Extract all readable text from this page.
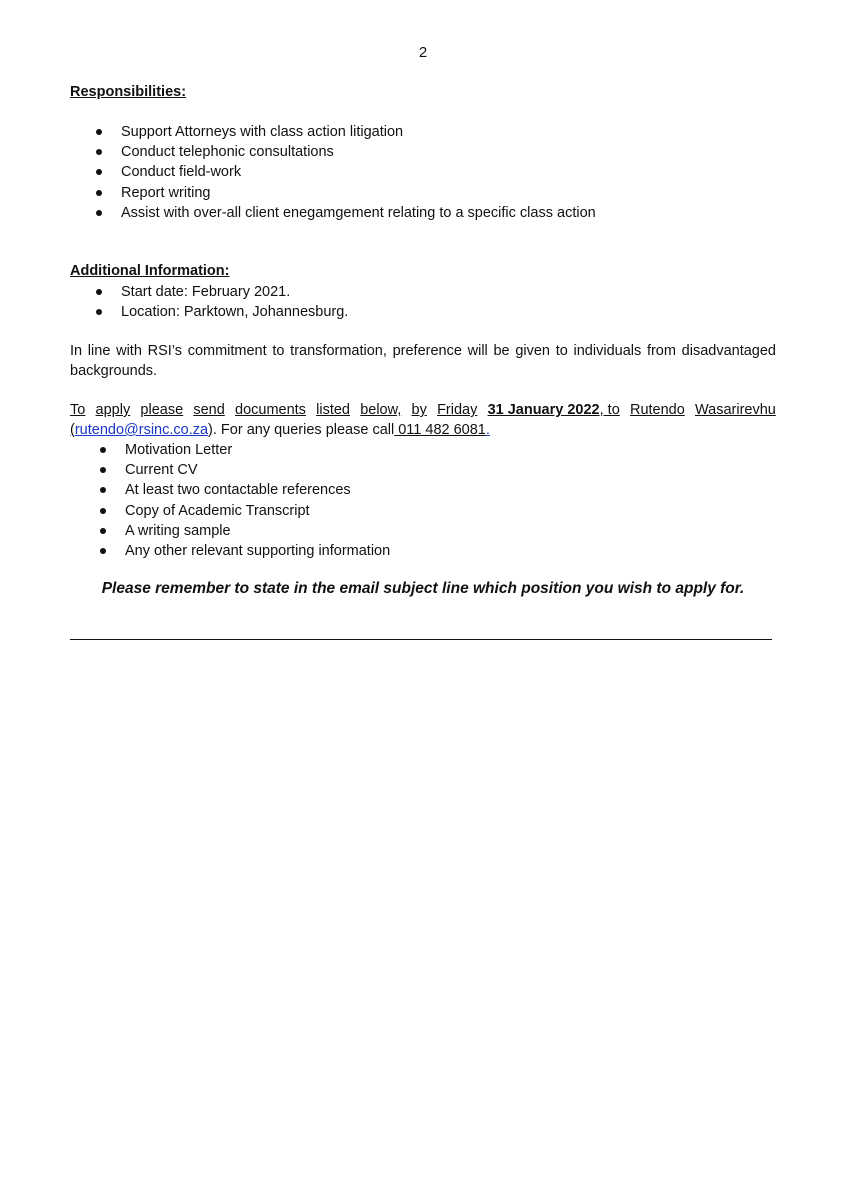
2
Responsibilities:
Support Attorneys with class action litigation
Conduct telephonic consultations
Conduct field-work
Report writing
Assist with over-all client enegamgement relating to a specific class action
Additional Information:
Start date: February 2021.
Location: Parktown, Johannesburg.
In line with RSI’s commitment to transformation, preference will be given to individuals from disadvantaged
backgrounds.
To apply please send documents listed below, by Friday 31 January 2022, to Rutendo Wasarirevhu
(rutendo@rsinc.co.za). For any queries please call 011 482 6081.
Motivation Letter
Current CV
At least two contactable references
Copy of Academic Transcript
A writing sample
Any other relevant supporting information
Please remember to state in the email subject line which position you wish to apply for.
